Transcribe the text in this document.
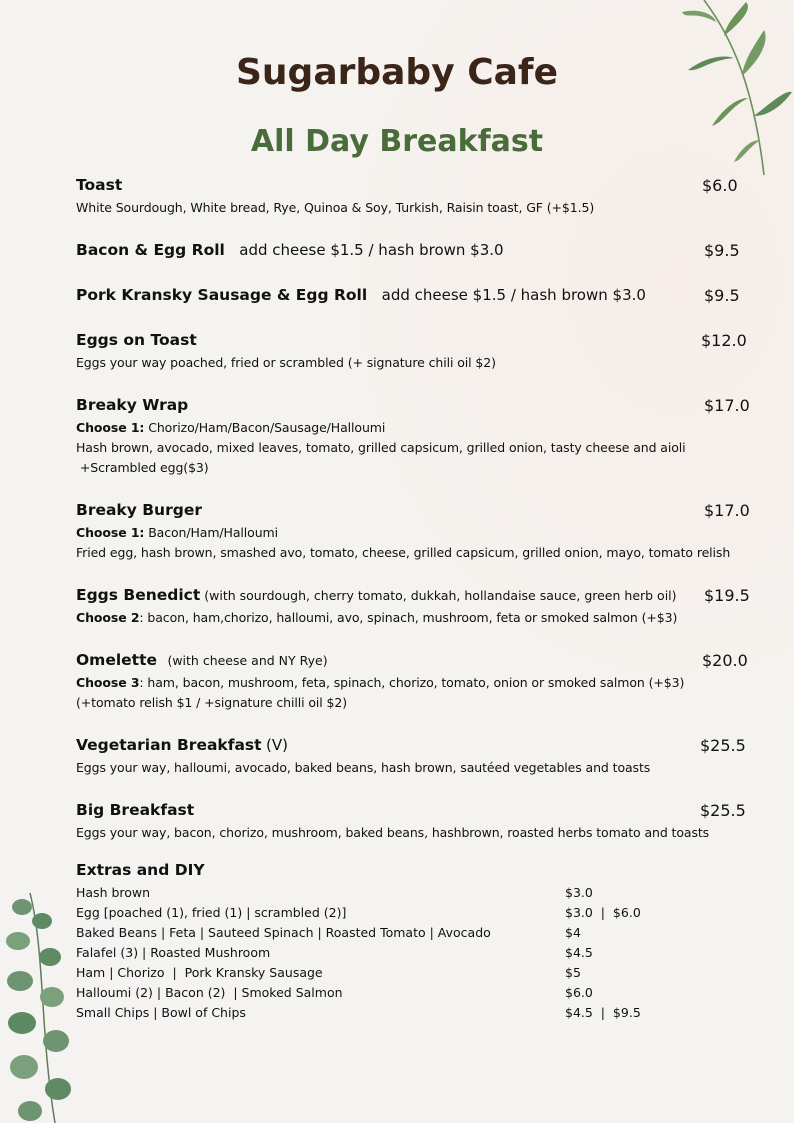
Sugarbaby Cafe
All Day Breakfast
Toast	$6.0
White Sourdough, White bread, Rye, Quinoa & Soy, Turkish, Raisin toast, GF (+$1.5)
Bacon & Egg Roll add cheese $1.5 / hash brown $3.0	$9.5
Pork Kransky Sausage & Egg Roll add cheese $1.5 / hash brown $3.0	$9.5
Eggs on Toast	$12.0
Eggs your way poached, fried or scrambled (+ signature chili oil $2)
Breaky Wrap	$17.0
Choose 1: Chorizo/Ham/Bacon/Sausage/Halloumi
Hash brown, avocado, mixed leaves, tomato, grilled capsicum, grilled onion, tasty cheese and aioli
+Scrambled egg($3)
Breaky Burger	$17.0
Choose 1: Bacon/Ham/Halloumi
Fried egg, hash brown, smashed avo, tomato, cheese, grilled capsicum, grilled onion, mayo, tomato relish
Eggs Benedict (with sourdough, cherry tomato, dukkah, hollandaise sauce, green herb oil) $19.5
Choose 2: bacon, ham,chorizo, halloumi, avo, spinach, mushroom, feta or smoked salmon (+$3)
Omelette (with cheese and NY Rye)	$20.0
Choose 3: ham, bacon, mushroom, feta, spinach, chorizo, tomato, onion or smoked salmon (+$3)
(+tomato relish $1 / +signature chilli oil $2)
Vegetarian Breakfast (V)	$25.5
Eggs your way, halloumi, avocado, baked beans, hash brown, sautéed vegetables and toasts
Big Breakfast	$25.5
Eggs your way, bacon, chorizo, mushroom, baked beans, hashbrown, roasted herbs tomato and toasts
Extras and DIY
Hash brown	$3.0
Egg [poached (1), fried (1) | scrambled (2)]	$3.0  |  $6.0
Baked Beans | Feta | Sauteed Spinach | Roasted Tomato | Avocado	$4
Falafel (3) | Roasted Mushroom	$4.5
Ham | Chorizo  |  Pork Kransky Sausage	$5
Halloumi (2) | Bacon (2)  | Smoked Salmon	$6.0
Small Chips | Bowl of Chips	$4.5  |  $9.5
